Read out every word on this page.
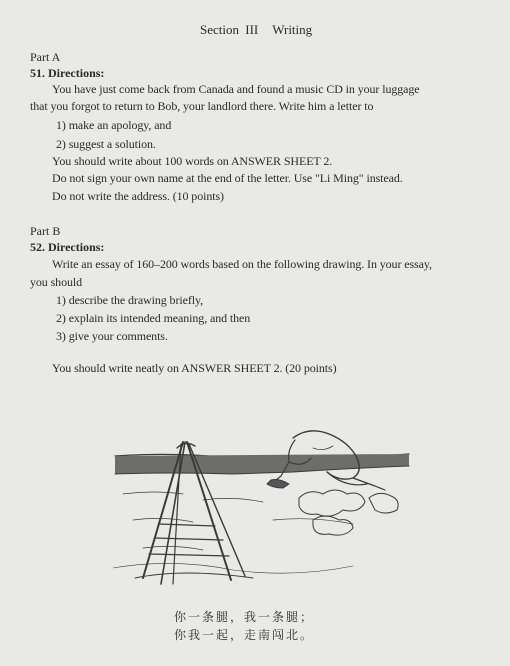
Section III Writing
Part A
51. Directions:
You have just come back from Canada and found a music CD in your luggage
that you forgot to return to Bob, your landlord there. Write him a letter to
1) make an apology, and
2) suggest a solution.
You should write about 100 words on ANSWER SHEET 2.
Do not sign your own name at the end of the letter. Use "Li Ming" instead.
Do not write the address. (10 points)
Part B
52. Directions:
Write an essay of 160–200 words based on the following drawing. In your essay,
you should
1) describe the drawing briefly,
2) explain its intended meaning, and then
3) give your comments.
You should write neatly on ANSWER SHEET 2. (20 points)
你一条腿，我一条腿；
你我一起，走南闯北。
